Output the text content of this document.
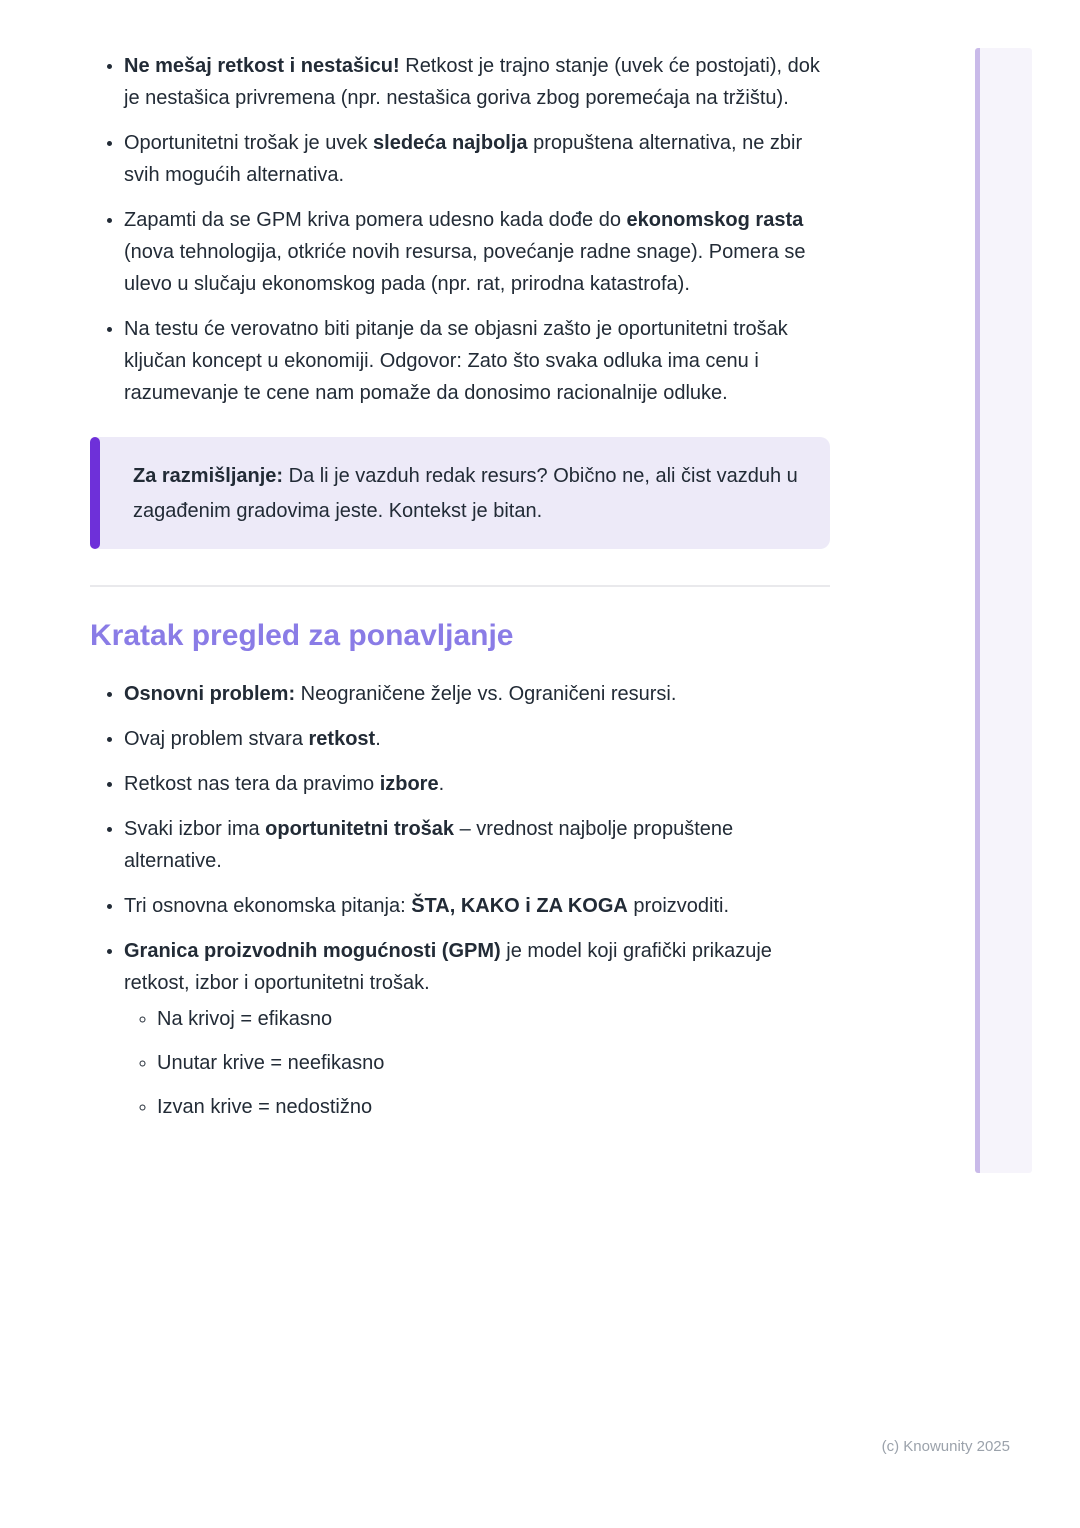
• Ne mešaj retkost i nestašicu! Retkost je trajno stanje (uvek će postojati), dok je nestašica privremena (npr. nestašica goriva zbog poremećaja na tržištu).

• Oportunitetni trošak je uvek sledeća najbolja propuštena alternativa, ne zbir svih mogućih alternativa.

• Zapamti da se GPM kriva pomera udesno kada dođe do ekonomskog rasta (nova tehnologija, otkriće novih resursa, povećanje radne snage). Pomera se ulevo u slučaju ekonomskog pada (npr. rat, prirodna katastrofa).

• Na testu će verovatno biti pitanje da se objasni zašto je oportunitetni trošak ključan koncept u ekonomiji. Odgovor: Zato što svaka odluka ima cenu i razumevanje te cene nam pomaže da donosimo racionalnije odluke.

Za razmišljanje: Da li je vazduh redak resurs? Obično ne, ali čist vazduh u zagađenim gradovima jeste. Kontekst je bitan.

Kratak pregled za ponavljanje

• Osnovni problem: Neograničene želje vs. Ograničeni resursi.

• Ovaj problem stvara retkost.

• Retkost nas tera da pravimo izbore.

• Svaki izbor ima oportunitetni trošak – vrednost najbolje propuštene alternative.

• Tri osnovna ekonomska pitanja: ŠTA, KAKO i ZA KOGA proizvoditi.

• Granica proizvodnih mogućnosti (GPM) je model koji grafički prikazuje retkost, izbor i oportunitetni trošak.

◦ Na krivoj = efikasno

◦ Unutar krive = neefikasno

◦ Izvan krive = nedostižno

(c) Knowunity 2025
